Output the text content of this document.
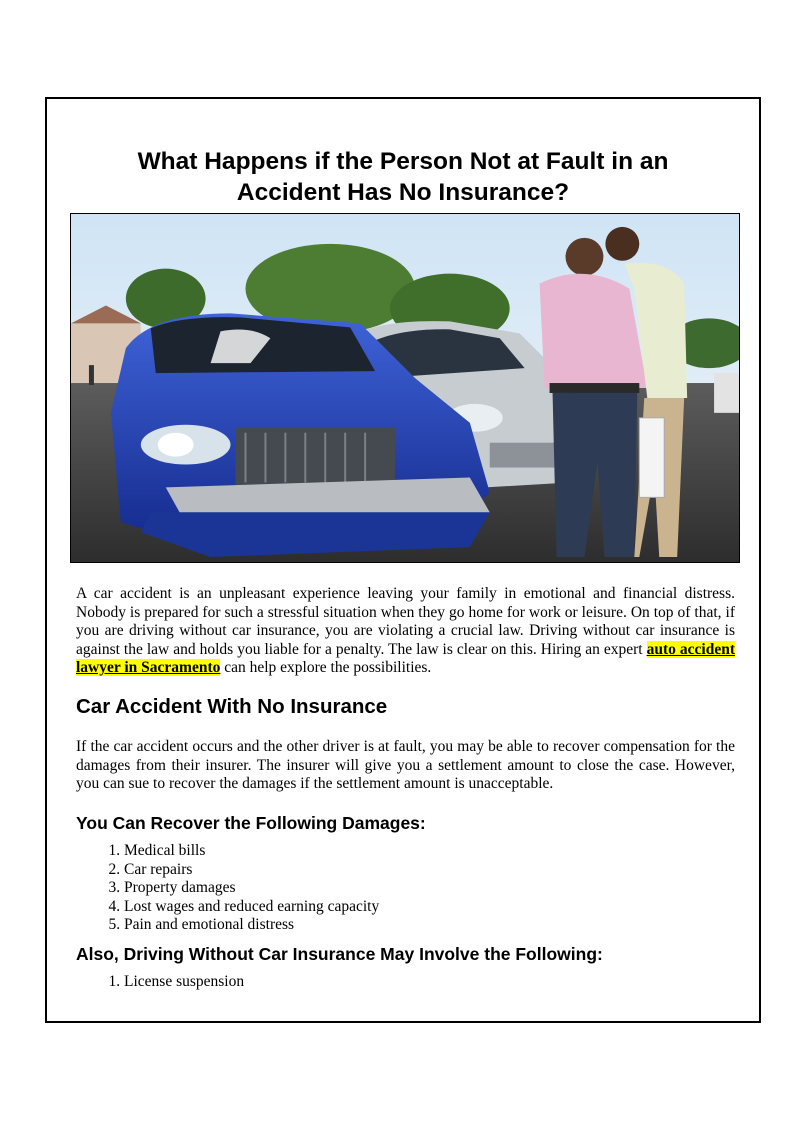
What Happens if the Person Not at Fault in an Accident Has No Insurance?
A car accident is an unpleasant experience leaving your family in emotional and financial distress. Nobody is prepared for such a stressful situation when they go home for work or leisure. On top of that, if you are driving without car insurance, you are violating a crucial law. Driving without car insurance is against the law and holds you liable for a penalty. The law is clear on this. Hiring an expert auto accident lawyer in Sacramento can help explore the possibilities.
Car Accident With No Insurance
If the car accident occurs and the other driver is at fault, you may be able to recover compensation for the damages from their insurer. The insurer will give you a settlement amount to close the case. However, you can sue to recover the damages if the settlement amount is unacceptable.
You Can Recover the Following Damages:
1. Medical bills
2. Car repairs
3. Property damages
4. Lost wages and reduced earning capacity
5. Pain and emotional distress
Also, Driving Without Car Insurance May Involve the Following:
1. License suspension
